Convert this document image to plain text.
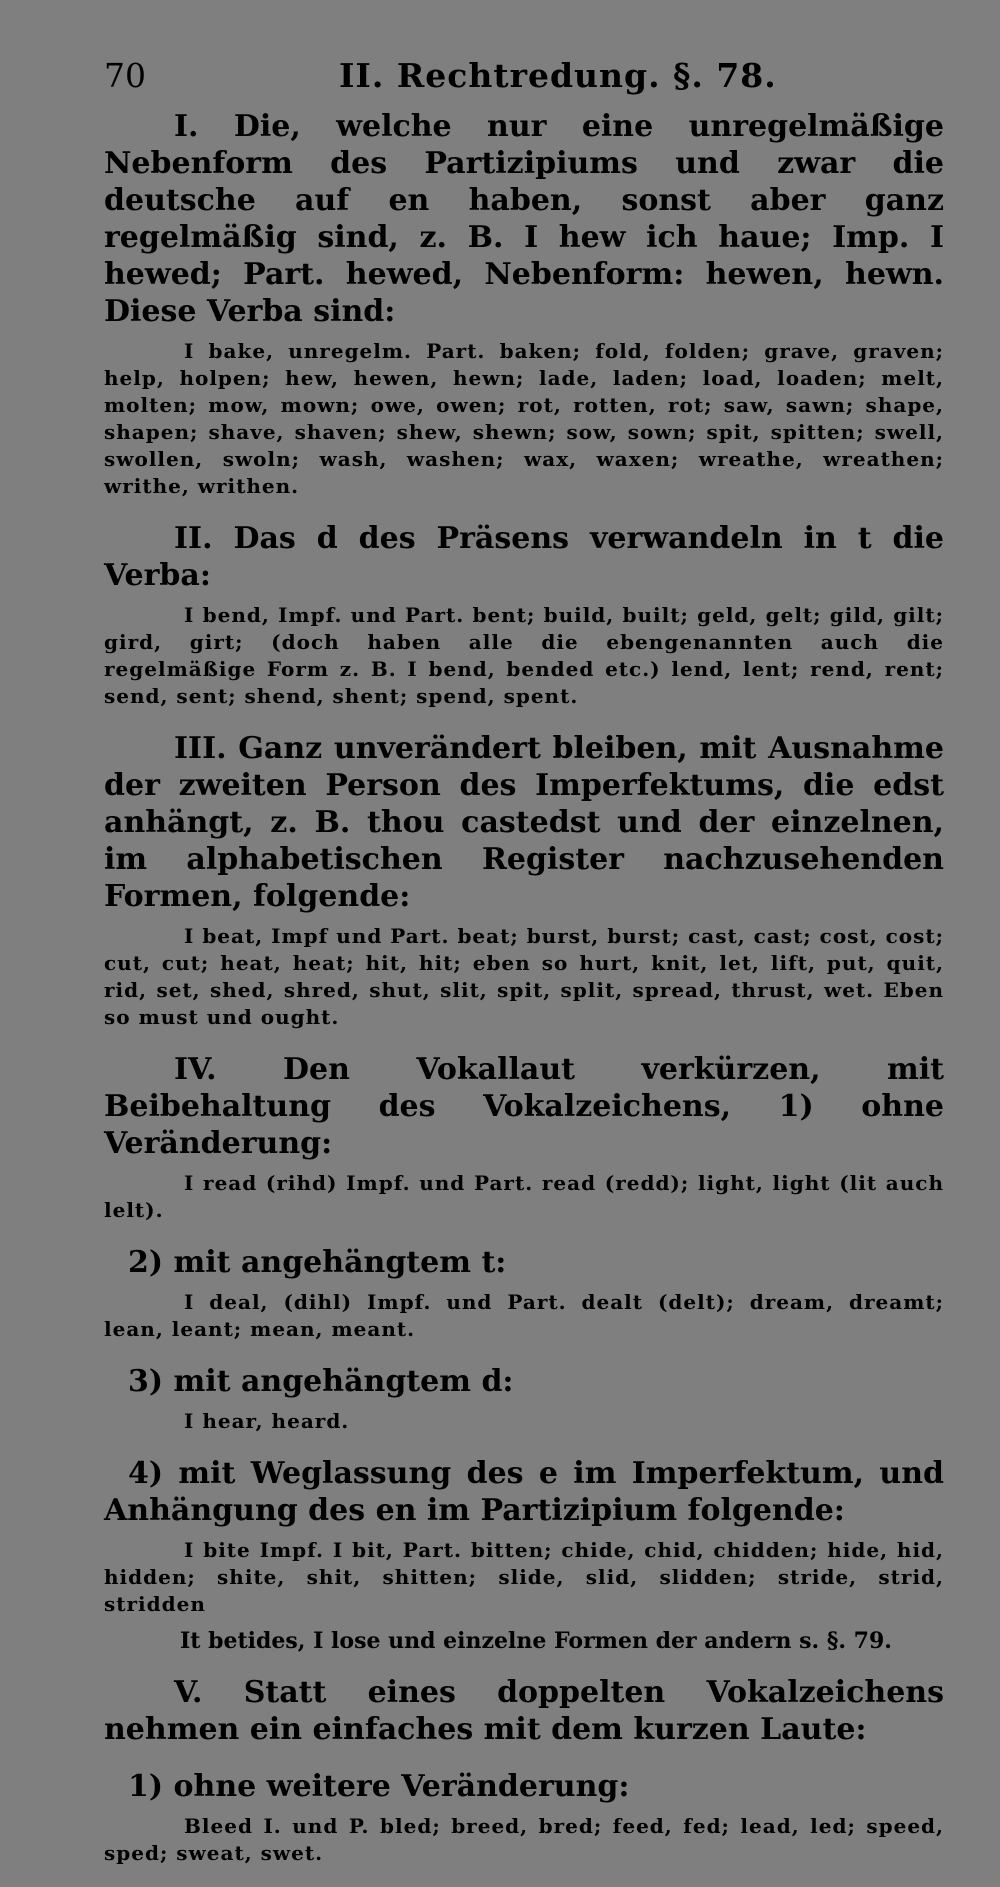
70	II. Rechtredung. §. 78.

I. Die, welche nur eine unregelmäßige Nebenform des Partizipiums und zwar die deutsche auf en haben, sonst aber ganz regelmäßig sind, z. B. I hew ich haue; Imp. I hewed; Part. hewed, Nebenform: hewen, hewn. Diese Verba sind:

I bake, unregelm. Part. baken; fold, folden; grave, graven; help, holpen; hew, hewen, hewn; lade, laden; load, loaden; melt, molten; mow, mown; owe, owen; rot, rotten, rot; saw, sawn; shape, shapen; shave, shaven; shew, shewn; sow, sown; spit, spitten; swell, swollen, swoln; wash, washen; wax, waxen; wreathe, wreathen; writhe, writhen.

II. Das d des Präsens verwandeln in t die Verba:

I bend, Impf. und Part. bent; build, built; geld, gelt; gild, gilt; gird, girt; (doch haben alle die ebengenannten auch die regelmäßige Form z. B. I bend, bended etc.) lend, lent; rend, rent; send, sent; shend, shent; spend, spent.

III. Ganz unverändert bleiben, mit Ausnahme der zweiten Person des Imperfektums, die edst anhängt, z. B. thou castedst und der einzelnen, im alphabetischen Register nachzusehenden Formen, folgende:

I beat, Impf und Part. beat; burst, burst; cast, cast; cost, cost; cut, cut; heat, heat; hit, hit; eben so hurt, knit, let, lift, put, quit, rid, set, shed, shred, shut, slit, spit, split, spread, thrust, wet. Eben so must und ought.

IV. Den Vokallaut verkürzen, mit Beibehaltung des Vokalzeichens, 1) ohne Veränderung:

I read (rihd) Impf. und Part. read (redd); light, light (lit auch lelt).

2) mit angehängtem t:

I deal, (dihl) Impf. und Part. dealt (delt); dream, dreamt; lean, leant; mean, meant.

3) mit angehängtem d:

I hear, heard.

4) mit Weglassung des e im Imperfektum, und Anhängung des en im Partizipium folgende:

I bite Impf. I bit, Part. bitten; chide, chid, chidden; hide, hid, hidden; shite, shit, shitten; slide, slid, slidden; stride, strid, stridden

It betides, I lose und einzelne Formen der andern s. §. 79.

V. Statt eines doppelten Vokalzeichens nehmen ein einfaches mit dem kurzen Laute:

1) ohne weitere Veränderung:

Bleed I. und P. bled; breed, bred; feed, fed; lead, led; speed, sped; sweat, swet.
